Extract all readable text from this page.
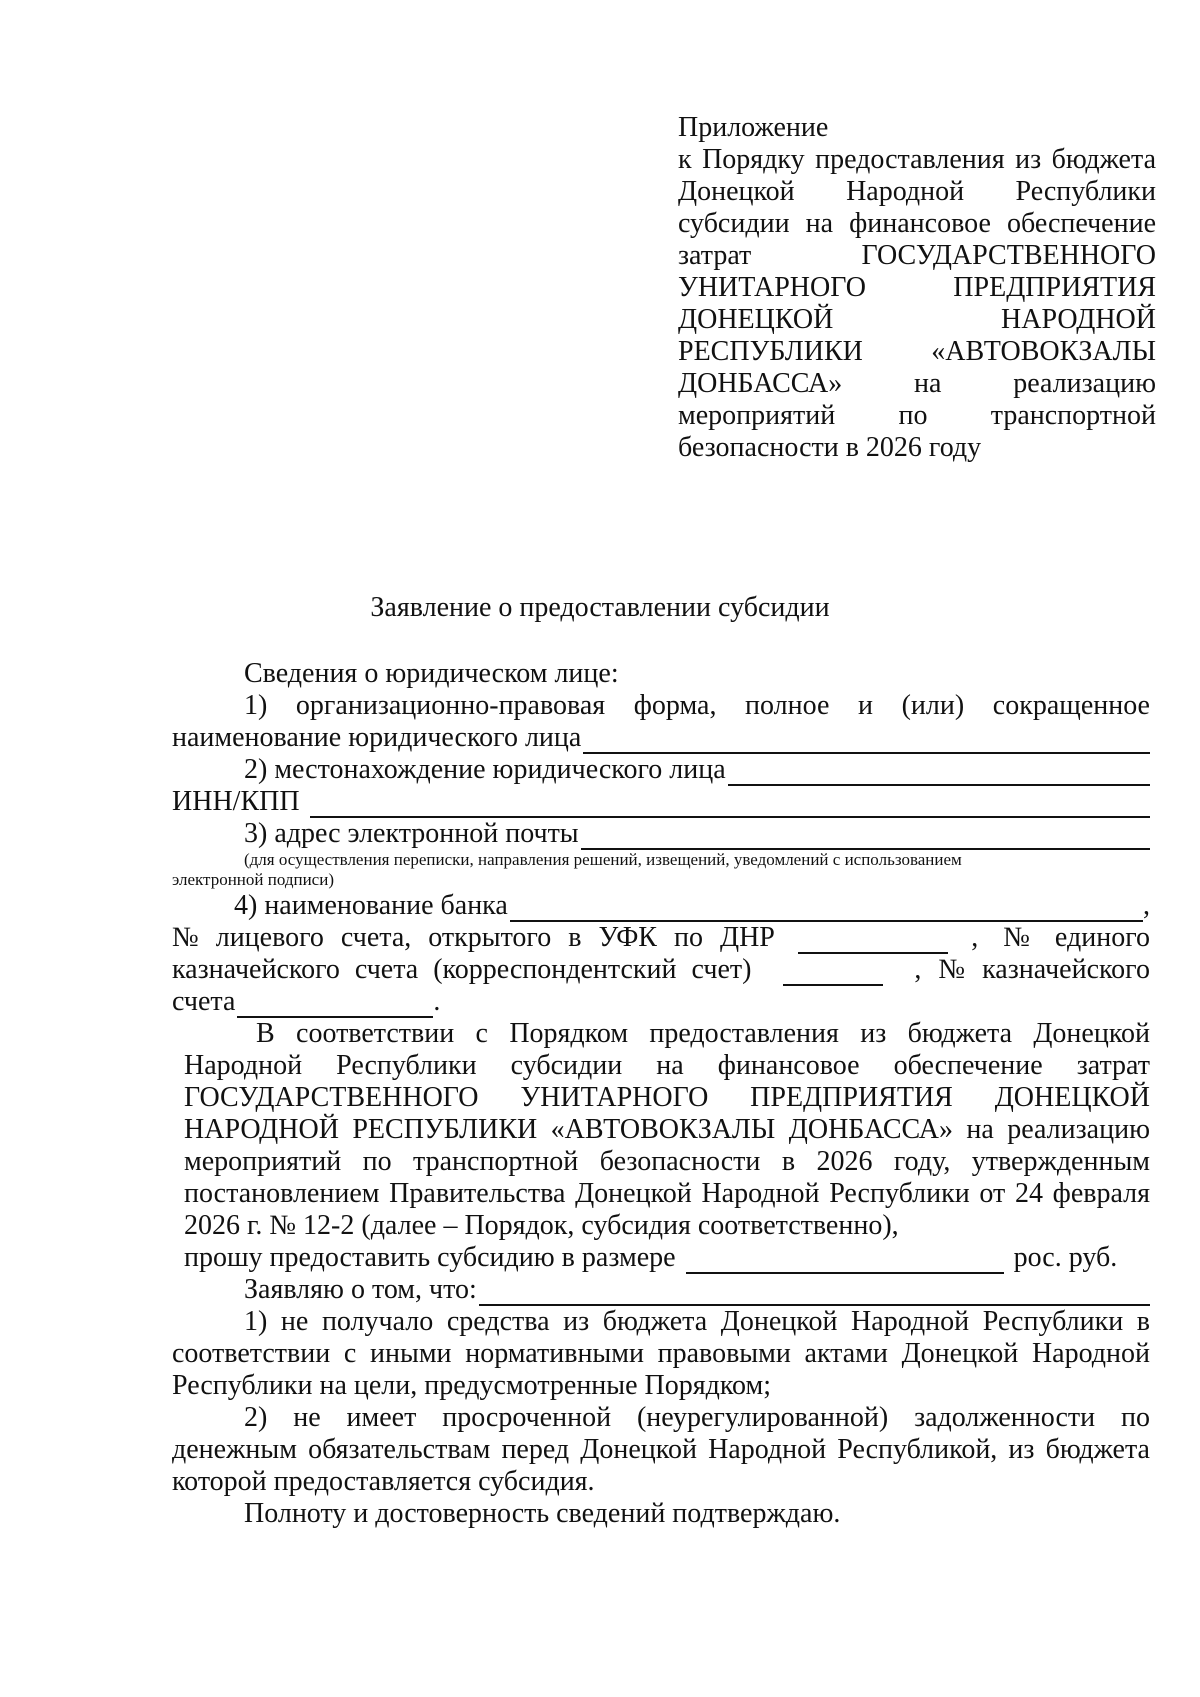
Приложение
к Порядку предоставления из бюджета Донецкой Народной Республики субсидии на финансовое обеспечение затрат ГОСУДАРСТВЕННОГО УНИТАРНОГО ПРЕДПРИЯТИЯ ДОНЕЦКОЙ НАРОДНОЙ РЕСПУБЛИКИ «АВТОВОКЗАЛЫ ДОНБАССА» на реализацию мероприятий по транспортной безопасности в 2026 году
Заявление о предоставлении субсидии

Сведения о юридическом лице:

1) организационно-правовая форма, полное и (или) сокращенное

наименование юридического лица
2) местонахождение юридического лица
ИНН/КПП
3) адрес электронной почты

(для осуществления переписки, направления решений, извещений, уведомлений с использованием

электронной подписи)

4) наименование банка	,
№ лицевого счета, открытого в УФК по ДНР	, № единого
казначейского счета (корреспондентский счет)	, № казначейского
счета	.

В соответствии с Порядком предоставления из бюджета Донецкой Народной Республики субсидии на финансовое обеспечение затрат ГОСУДАРСТВЕННОГО УНИТАРНОГО ПРЕДПРИЯТИЯ ДОНЕЦКОЙ НАРОДНОЙ РЕСПУБЛИКИ «АВТОВОКЗАЛЫ ДОНБАССА» на реализацию мероприятий по транспортной безопасности в 2026 году, утвержденным постановлением Правительства Донецкой Народной Республики от 24 февраля 2026 г. № 12-2 (далее – Порядок, субсидия соответственно),

прошу предоставить субсидию в размере	рос. руб.
Заявляю о том, что:

1) не получало средства из бюджета Донецкой Народной Республики в соответствии с иными нормативными правовыми актами Донецкой Народной Республики на цели, предусмотренные Порядком;

2) не имеет просроченной (неурегулированной) задолженности по денежным обязательствам перед Донецкой Народной Республикой, из бюджета которой предоставляется субсидия.

Полноту и достоверность сведений подтверждаю.
